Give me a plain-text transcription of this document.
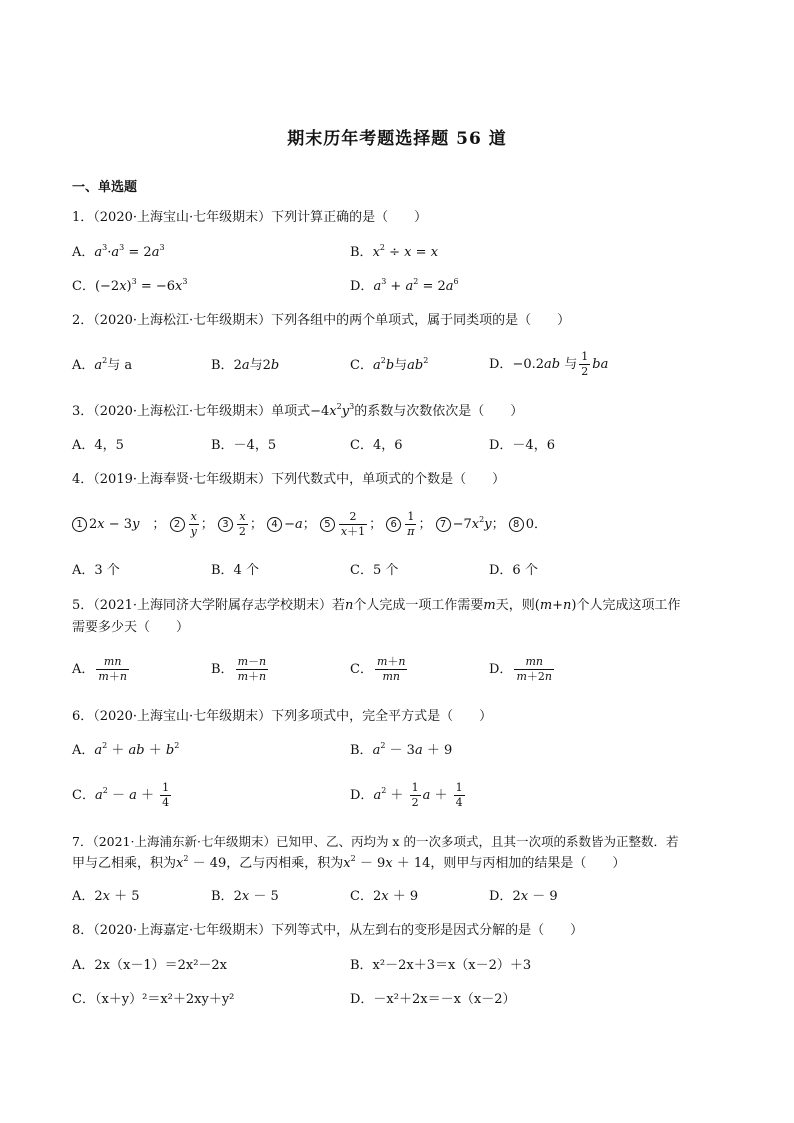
期末历年考题选择题 56 道
一、单选题
1．（2020·上海宝山·七年级期末）下列计算正确的是（　　）
A．$a^3\cdot a^3 = 2a^3$	B．$x^2 \div x = x$
C．$(-2x)^3 = -6x^3$	D．$a^3 + a^2 = 2a^6$
2．（2020·上海松江·七年级期末）下列各组中的两个单项式，属于同类项的是（　　）
A．$a^2$与 a	B．2a与2b	C．$a^2b$与$ab^2$	D．−0.2ab 与 $\frac{1}{2}$ ba
3．（2020·上海松江·七年级期末）单项式$-4x^2y^3$的系数与次数依次是（　　）
A．4，5	B．－4，5	C．4，6	D．－4，6
4．（2019·上海奉贤·七年级期末）下列代数式中，单项式的个数是（　　）
1 2x − 3y　； $2 \frac{x}{y}$ ； $3 \frac{x}{2}$ ； 4 −a； $5 \frac{2}{x+1}$ ； $6 \frac{1}{\pi}$ ； $7 -7x^2y$； 8 0．
A．3 个	B．4 个	C．5 个	D．6 个
5．（2021·上海同济大学附属存志学校期末）若n个人完成一项工作需要m天，则(m+n)个人完成这项工作
需要多少天（　　）
A． $\frac{mn}{m+n}$	B． $\frac{m-n}{m+n}$	C． $\frac{m+n}{mn}$	D． $\frac{mn}{m+2n}$
6．（2020·上海宝山·七年级期末）下列多项式中，完全平方式是（　　）
A．$a^2$ ＋ ab ＋ $b^2$	B．$a^2 - 3a + 9$
C．$a^2 - a + \frac{1}{4}$	D．$a^2 + \frac{1}{2}$ $a + \frac{1}{4}$
7．（2021·上海浦东新·七年级期末）已知甲、乙、丙均为 x 的一次多项式，且其一次项的系数皆为正整数．若
甲与乙相乘，积为$x^2 - 49$，乙与丙相乘，积为$x^2 - 9x + 14$，则甲与丙相加的结果是（　　）
A．2x ＋ 5	B．2x － 5	C．2x ＋ 9	D．2x － 9
8．（2020·上海嘉定·七年级期末）下列等式中，从左到右的变形是因式分解的是（　　）
A．2x（x－1）＝2x²－2x	B．x²－2x＋3＝x（x－2）＋3
C．（x＋y）²＝x²＋2xy＋y²	D．－x²＋2x＝－x（x－2）
